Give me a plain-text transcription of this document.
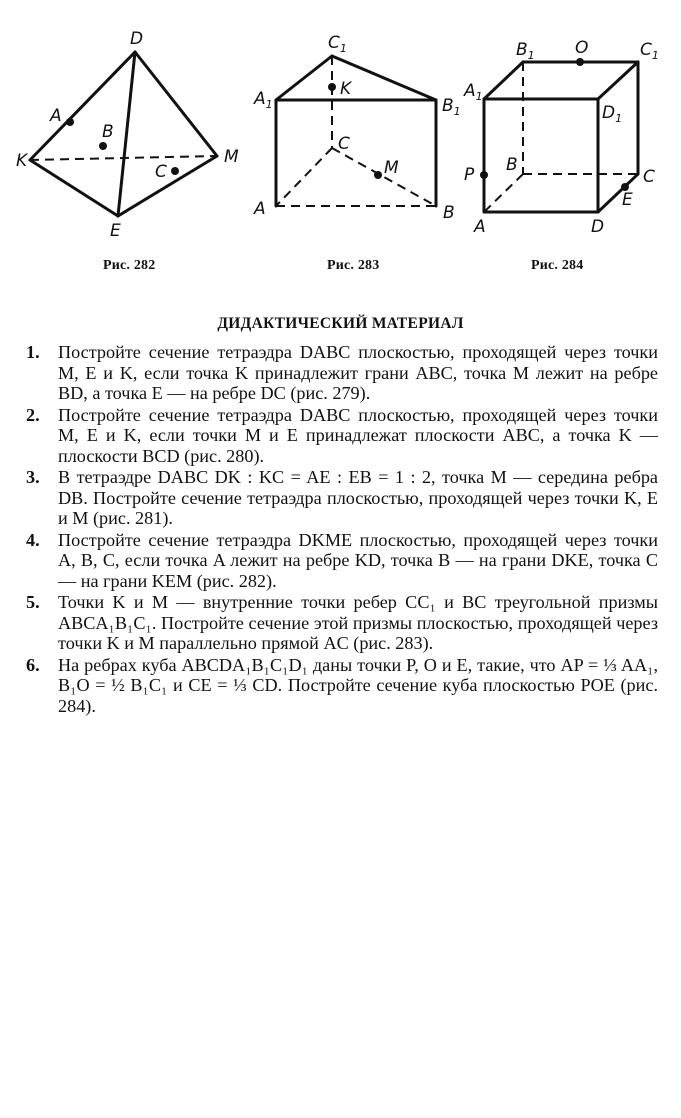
D
A
B
K
C
M
E
Рис. 282
$C_1$
K
$A_1$	$B_1$
C
M
A	B
Рис. 283
$B_1$ O	$C_1$
$A_1$
$D_1$
P B
C
E
A	D
Рис. 284
ДИДАКТИЧЕСКИЙ МАТЕРИАЛ
1. Постройте сечение тетраэдра DABC плоскостью, проходящей через точки M, E и K, если точка K принадлежит грани ABC, точка M лежит на ребре BD, а точка E — на ребре DC (рис. 279).
2. Постройте сечение тетраэдра DABC плоскостью, проходящей через точки M, E и K, если точки M и E принадлежат плоскости ABC, а точка K — плоскости BCD (рис. 280).
3. В тетраэдре DABC DK : KC = AE : EB = 1 : 2, точка M — середина ребра DB. Постройте сечение тетраэдра плоскостью, проходящей через точки K, E и M (рис. 281).
4. Постройте сечение тетраэдра DKME плоскостью, проходящей через точки A, B, C, если точка A лежит на ребре KD, точка B — на грани DKE, точка C — на грани KEM (рис. 282).
5. Точки K и M — внутренние точки ребер CC₁ и BC треугольной призмы ABCA₁B₁C₁. Постройте сечение этой призмы плоскостью, проходящей через точки K и M параллельно прямой AC (рис. 283).
6. На ребрах куба ABCDA₁B₁C₁D₁ даны точки P, O и E, такие, что AP = ⅓ AA₁, B₁O = ½ B₁C₁ и CE = ⅓ CD. Постройте сечение куба плоскостью POE (рис. 284).
